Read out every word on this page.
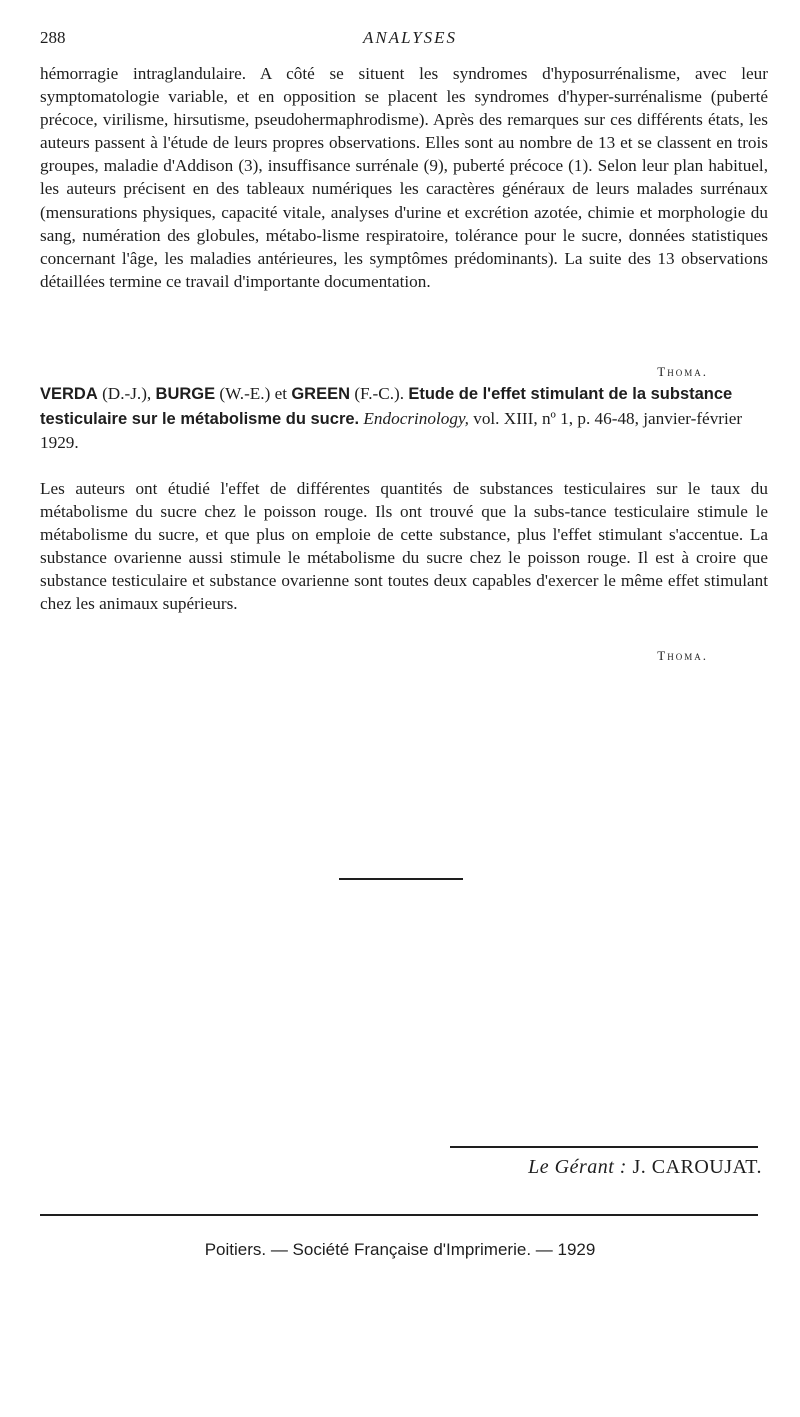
288	ANALYSES

hémorragie intraglandulaire. A côté se situent les syndromes d'hyposurrénalisme, avec leur symptomatologie variable, et en opposition se placent les syndromes d'hyper-surrénalisme (puberté précoce, virilisme, hirsutisme, pseudohermaphrodisme). Après des remarques sur ces différents états, les auteurs passent à l'étude de leurs propres observations. Elles sont au nombre de 13 et se classent en trois groupes, maladie d'Addison (3), insuffisance surrénale (9), puberté précoce (1). Selon leur plan habituel, les auteurs précisent en des tableaux numériques les caractères généraux de leurs malades surrénaux (mensurations physiques, capacité vitale, analyses d'urine et excrétion azotée, chimie et morphologie du sang, numération des globules, métabo-lisme respiratoire, tolérance pour le sucre, données statistiques concernant l'âge, les maladies antérieures, les symptômes prédominants). La suite des 13 observations détaillées termine ce travail d'importante documentation.

Thoma.
VERDA (D.-J.), BURGE (W.-E.) et GREEN (F.-C.). Etude de l'effet stimulant de la substance testiculaire sur le métabolisme du sucre. Endocrinology, vol. XIII, nº 1, p. 46-48, janvier-février 1929.

Les auteurs ont étudié l'effet de différentes quantités de substances testiculaires sur le taux du métabolisme du sucre chez le poisson rouge. Ils ont trouvé que la subs-tance testiculaire stimule le métabolisme du sucre, et que plus on emploie de cette substance, plus l'effet stimulant s'accentue. La substance ovarienne aussi stimule le métabolisme du sucre chez le poisson rouge. Il est à croire que substance testiculaire et substance ovarienne sont toutes deux capables d'exercer le même effet stimulant chez les animaux supérieurs.

Thoma.
Le Gérant : J. CAROUJAT.
Poitiers. — Société Française d'Imprimerie. — 1929
